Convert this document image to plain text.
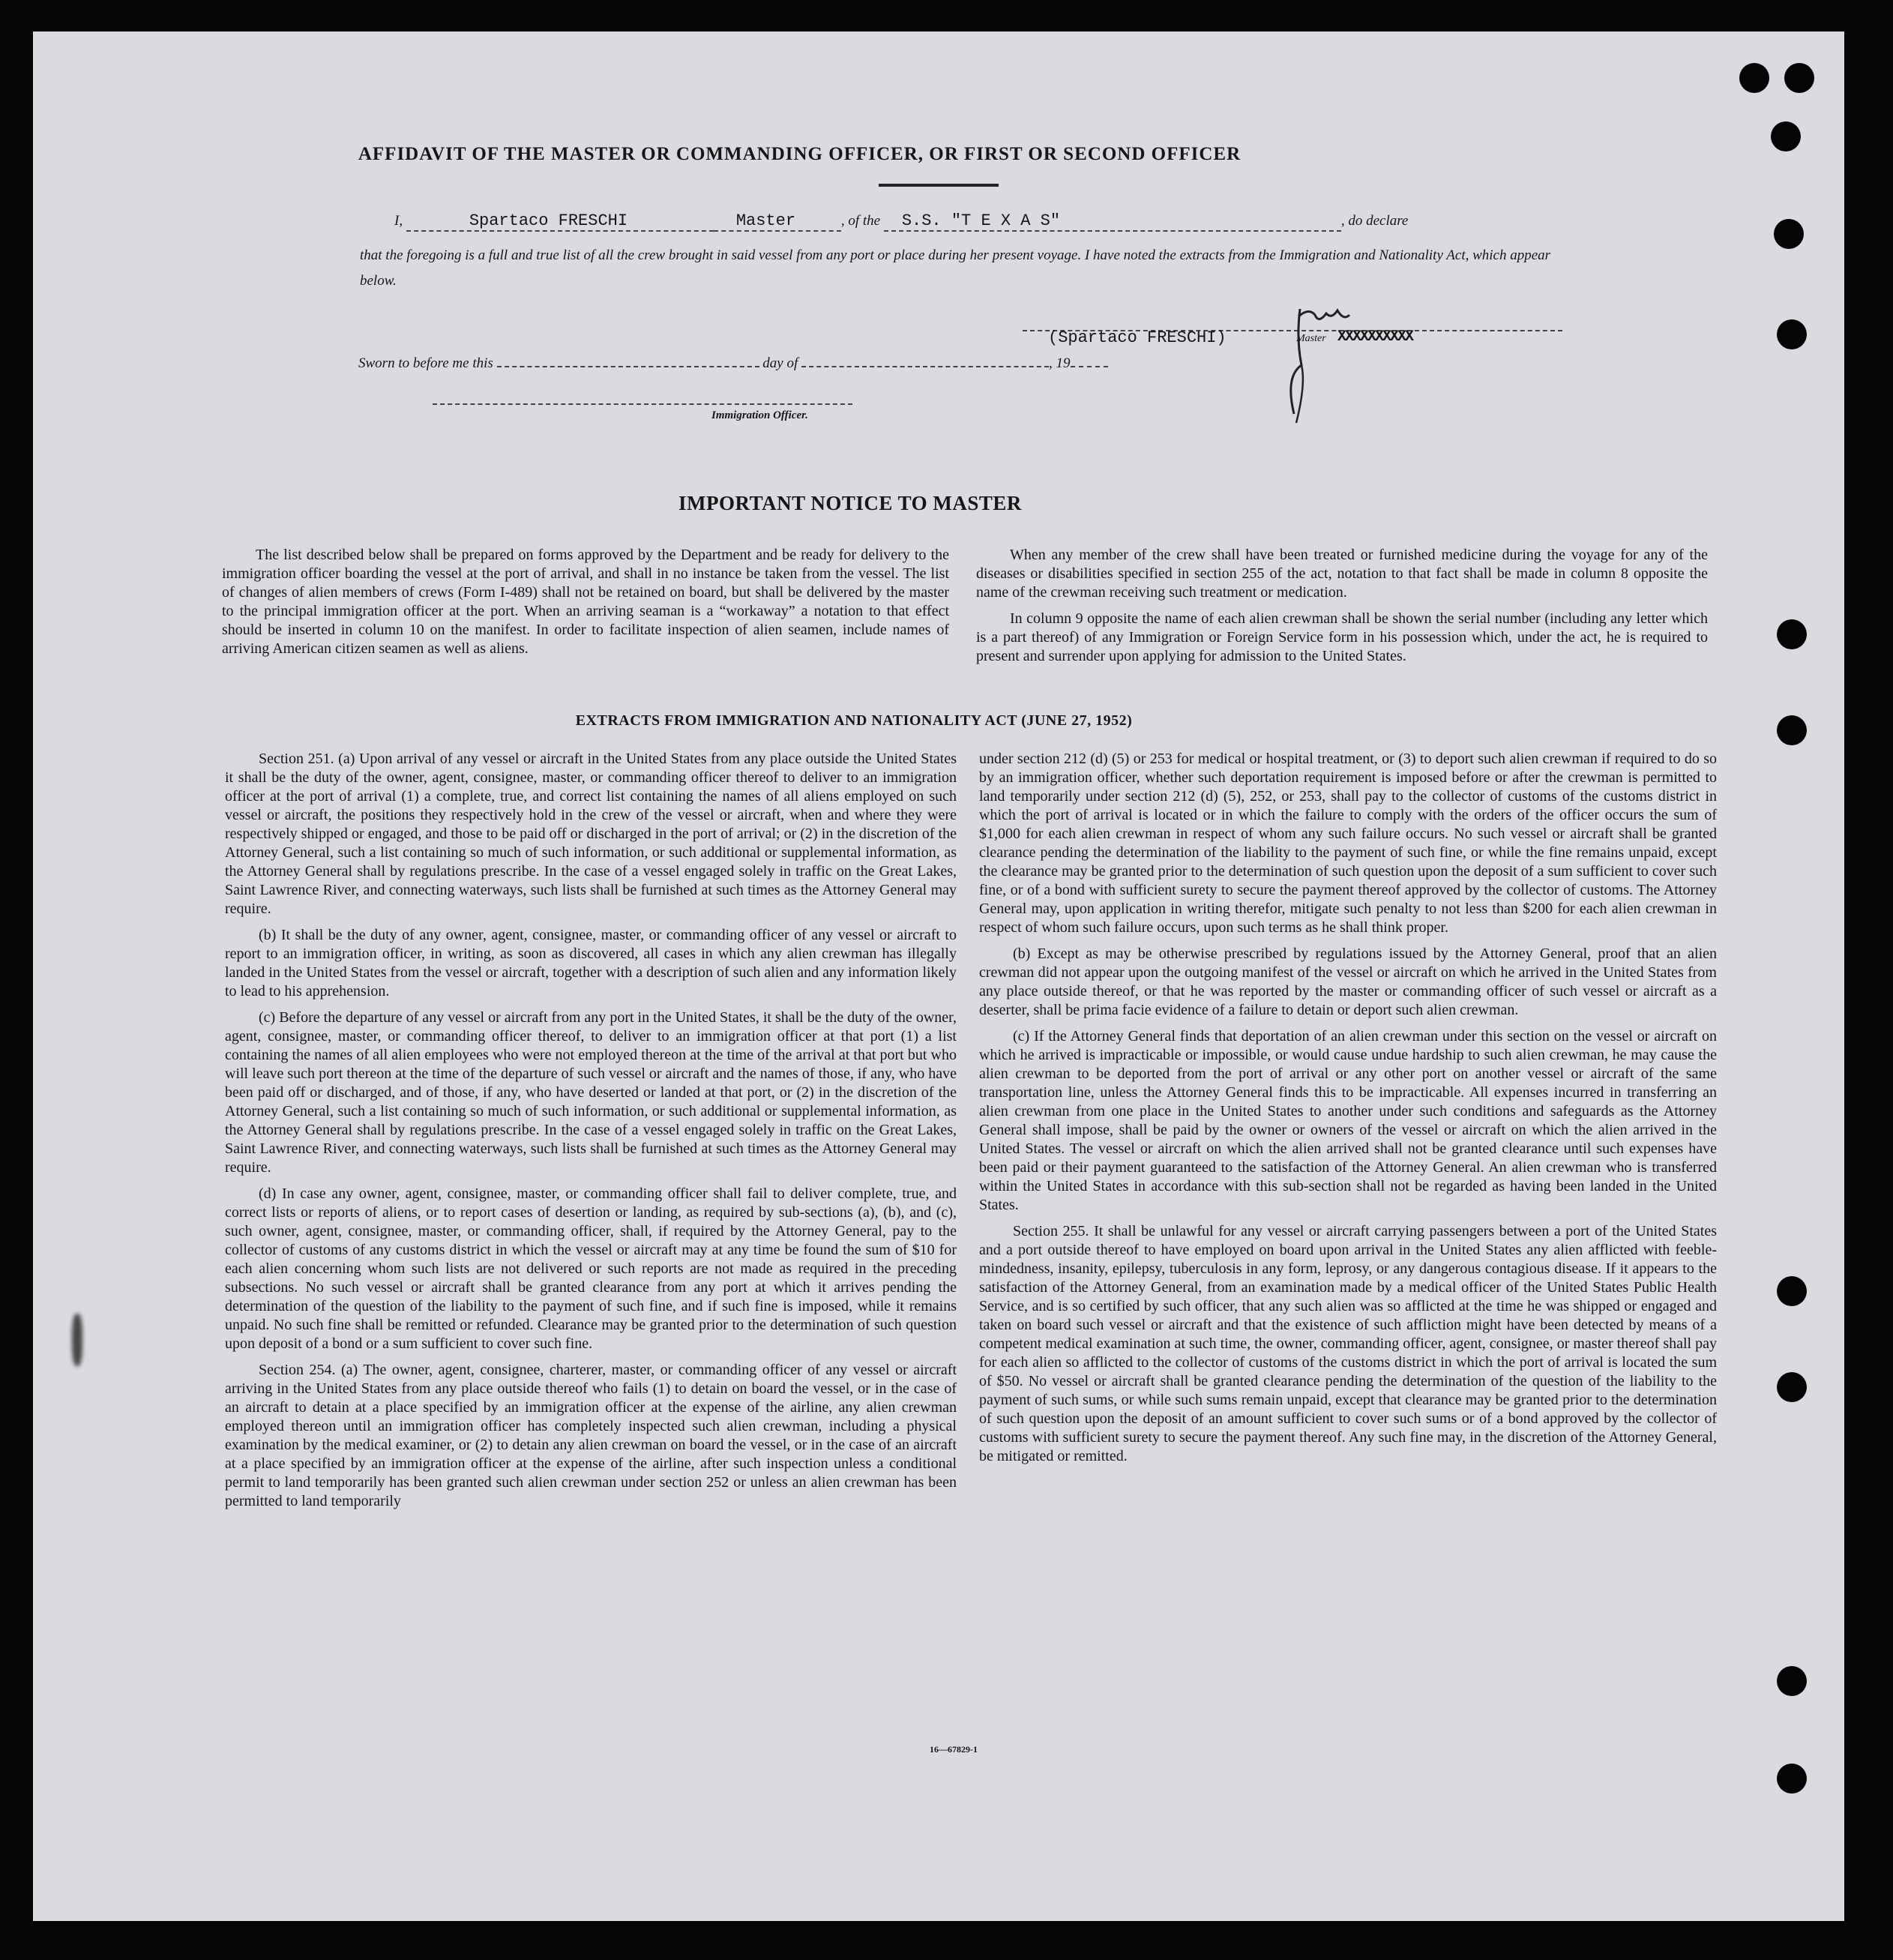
AFFIDAVIT OF THE MASTER OR COMMANDING OFFICER, OR FIRST OR SECOND OFFICER
I,	Spartaco FRESCHI	Master	, of the S.S. "T E X A S"	, do declare
that the foregoing is a full and true list of all the crew brought in said vessel from any port or place during her present voyage. I have noted the extracts from the Immigration and Nationality Act, which appear below.
(Spartaco FRESCHI)	Master XXXXXXXXXX
Sworn to before me this	day of	, 19
Immigration Officer.
IMPORTANT NOTICE TO MASTER

The list described below shall be prepared on forms approved by the Department and be ready for delivery to the immigration officer boarding the vessel at the port of arrival, and shall in no instance be taken from the vessel. The list of changes of alien members of crews (Form I-489) shall not be retained on board, but shall be delivered by the master to the principal immigration officer at the port. When an arriving seaman is a “workaway” a notation to that effect should be inserted in column 10 on the manifest. In order to facilitate inspection of alien seamen, include names of arriving American citizen seamen as well as aliens.

When any member of the crew shall have been treated or furnished medicine during the voyage for any of the diseases or disabilities specified in section 255 of the act, notation to that fact shall be made in column 8 opposite the name of the crewman receiving such treatment or medication.

In column 9 opposite the name of each alien crewman shall be shown the serial number (including any letter which is a part thereof) of any Immigration or Foreign Service form in his possession which, under the act, he is required to present and surrender upon applying for admission to the United States.

EXTRACTS FROM IMMIGRATION AND NATIONALITY ACT (JUNE 27, 1952)

Section 251. (a) Upon arrival of any vessel or aircraft in the United States from any place outside the United States it shall be the duty of the owner, agent, consignee, master, or commanding officer thereof to deliver to an immigration officer at the port of arrival (1) a complete, true, and correct list containing the names of all aliens employed on such vessel or aircraft, the positions they respectively hold in the crew of the vessel or aircraft, when and where they were respectively shipped or engaged, and those to be paid off or discharged in the port of arrival; or (2) in the discretion of the Attorney General, such a list containing so much of such information, or such additional or supplemental information, as the Attorney General shall by regulations prescribe. In the case of a vessel engaged solely in traffic on the Great Lakes, Saint Lawrence River, and connecting waterways, such lists shall be furnished at such times as the Attorney General may require.

(b) It shall be the duty of any owner, agent, consignee, master, or commanding officer of any vessel or aircraft to report to an immigration officer, in writing, as soon as discovered, all cases in which any alien crewman has illegally landed in the United States from the vessel or aircraft, together with a description of such alien and any information likely to lead to his apprehension.

(c) Before the departure of any vessel or aircraft from any port in the United States, it shall be the duty of the owner, agent, consignee, master, or commanding officer thereof, to deliver to an immigration officer at that port (1) a list containing the names of all alien employees who were not employed thereon at the time of the arrival at that port but who will leave such port thereon at the time of the departure of such vessel or aircraft and the names of those, if any, who have been paid off or discharged, and of those, if any, who have deserted or landed at that port, or (2) in the discretion of the Attorney General, such a list containing so much of such information, or such additional or supplemental information, as the Attorney General shall by regulations prescribe. In the case of a vessel engaged solely in traffic on the Great Lakes, Saint Lawrence River, and connecting waterways, such lists shall be furnished at such times as the Attorney General may require.

(d) In case any owner, agent, consignee, master, or commanding officer shall fail to deliver complete, true, and correct lists or reports of aliens, or to report cases of desertion or landing, as required by sub-sections (a), (b), and (c), such owner, agent, consignee, master, or commanding officer, shall, if required by the Attorney General, pay to the collector of customs of any customs district in which the vessel or aircraft may at any time be found the sum of $10 for each alien concerning whom such lists are not delivered or such reports are not made as required in the preceding subsections. No such vessel or aircraft shall be granted clearance from any port at which it arrives pending the determination of the question of the liability to the payment of such fine, and if such fine is imposed, while it remains unpaid. No such fine shall be remitted or refunded. Clearance may be granted prior to the determination of such question upon deposit of a bond or a sum sufficient to cover such fine.

Section 254. (a) The owner, agent, consignee, charterer, master, or commanding officer of any vessel or aircraft arriving in the United States from any place outside thereof who fails (1) to detain on board the vessel, or in the case of an aircraft to detain at a place specified by an immigration officer at the expense of the airline, any alien crewman employed thereon until an immigration officer has completely inspected such alien crewman, including a physical examination by the medical examiner, or (2) to detain any alien crewman on board the vessel, or in the case of an aircraft at a place specified by an immigration officer at the expense of the airline, after such inspection unless a conditional permit to land temporarily has been granted such alien crewman under section 252 or unless an alien crewman has been permitted to land temporarily

under section 212 (d) (5) or 253 for medical or hospital treatment, or (3) to deport such alien crewman if required to do so by an immigration officer, whether such deportation requirement is imposed before or after the crewman is permitted to land temporarily under section 212 (d) (5), 252, or 253, shall pay to the collector of customs of the customs district in which the port of arrival is located or in which the failure to comply with the orders of the officer occurs the sum of $1,000 for each alien crewman in respect of whom any such failure occurs. No such vessel or aircraft shall be granted clearance pending the determination of the liability to the payment of such fine, or while the fine remains unpaid, except the clearance may be granted prior to the determination of such question upon the deposit of a sum sufficient to cover such fine, or of a bond with sufficient surety to secure the payment thereof approved by the collector of customs. The Attorney General may, upon application in writing therefor, mitigate such penalty to not less than $200 for each alien crewman in respect of whom such failure occurs, upon such terms as he shall think proper.

(b) Except as may be otherwise prescribed by regulations issued by the Attorney General, proof that an alien crewman did not appear upon the outgoing manifest of the vessel or aircraft on which he arrived in the United States from any place outside thereof, or that he was reported by the master or commanding officer of such vessel or aircraft as a deserter, shall be prima facie evidence of a failure to detain or deport such alien crewman.

(c) If the Attorney General finds that deportation of an alien crewman under this section on the vessel or aircraft on which he arrived is impracticable or impossible, or would cause undue hardship to such alien crewman, he may cause the alien crewman to be deported from the port of arrival or any other port on another vessel or aircraft of the same transportation line, unless the Attorney General finds this to be impracticable. All expenses incurred in transferring an alien crewman from one place in the United States to another under such conditions and safeguards as the Attorney General shall impose, shall be paid by the owner or owners of the vessel or aircraft on which the alien arrived in the United States. The vessel or aircraft on which the alien arrived shall not be granted clearance until such expenses have been paid or their payment guaranteed to the satisfaction of the Attorney General. An alien crewman who is transferred within the United States in accordance with this sub-section shall not be regarded as having been landed in the United States.

Section 255. It shall be unlawful for any vessel or aircraft carrying passengers between a port of the United States and a port outside thereof to have employed on board upon arrival in the United States any alien afflicted with feeble-mindedness, insanity, epilepsy, tuberculosis in any form, leprosy, or any dangerous contagious disease. If it appears to the satisfaction of the Attorney General, from an examination made by a medical officer of the United States Public Health Service, and is so certified by such officer, that any such alien was so afflicted at the time he was shipped or engaged and taken on board such vessel or aircraft and that the existence of such affliction might have been detected by means of a competent medical examination at such time, the owner, commanding officer, agent, consignee, or master thereof shall pay for each alien so afflicted to the collector of customs of the customs district in which the port of arrival is located the sum of $50. No vessel or aircraft shall be granted clearance pending the determination of the question of the liability to the payment of such sums, or while such sums remain unpaid, except that clearance may be granted prior to the determination of such question upon the deposit of an amount sufficient to cover such sums or of a bond approved by the collector of customs with sufficient surety to secure the payment thereof. Any such fine may, in the discretion of the Attorney General, be mitigated or remitted.

16—67829-1
